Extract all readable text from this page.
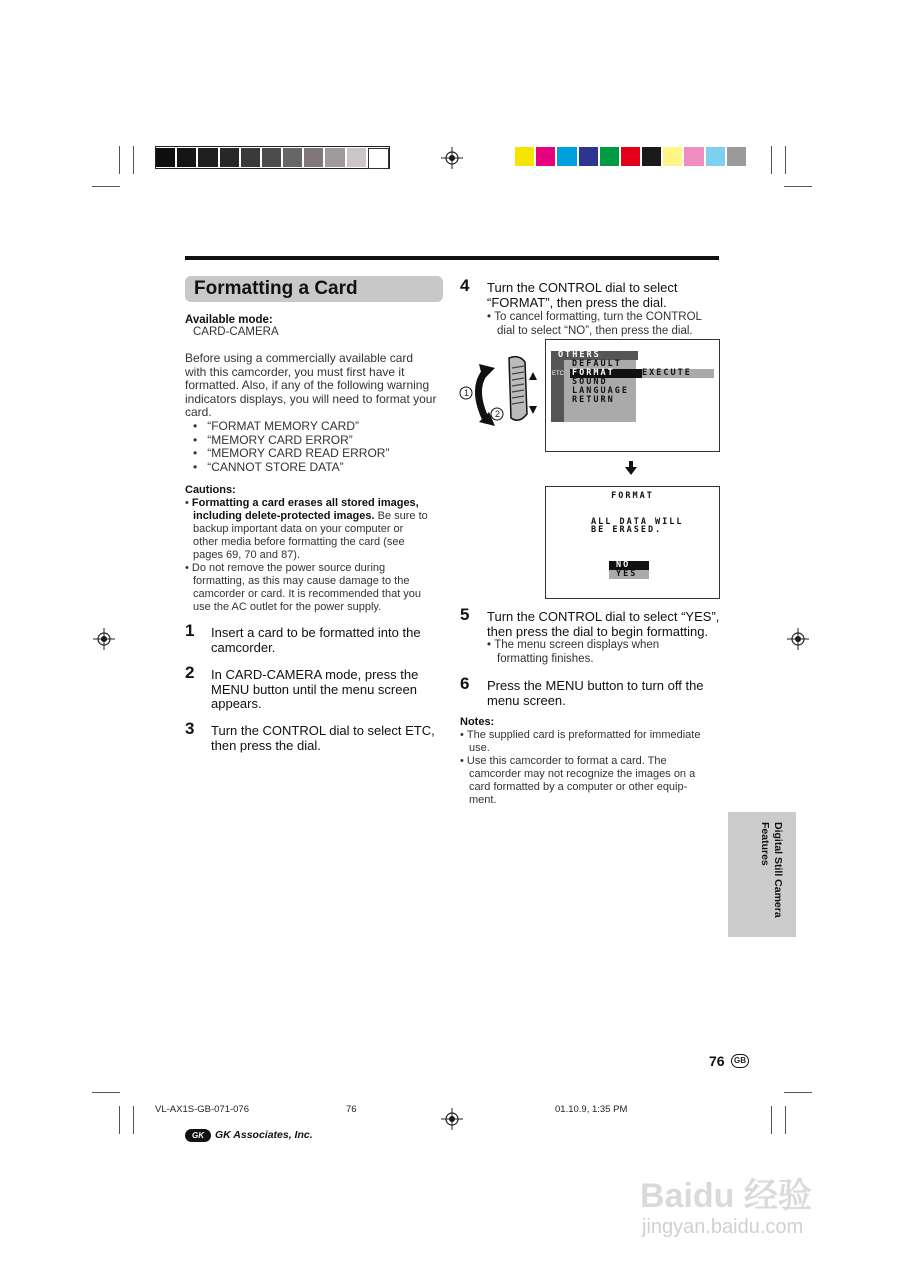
Formatting a Card
Available mode:
CARD-CAMERA
Before using a commercially available card
with this camcorder, you must first have it
formatted. Also, if any of the following warning
indicators displays, you will need to format your
card.
•   “FORMAT MEMORY CARD”
•   “MEMORY CARD ERROR”
•   “MEMORY CARD READ ERROR”
•   “CANNOT STORE DATA”
Cautions:
• Formatting a card erases all stored images,
including delete-protected images. Be sure to
backup important data on your computer or
other media before formatting the card (see
pages 69, 70 and 87).
• Do not remove the power source during
formatting, as this may cause damage to the
camcorder or card. It is recommended that you
use the AC outlet for the power supply.
1 Insert a card to be formatted into the
camcorder.
2 In CARD-CAMERA mode, press the
MENU button until the menu screen
appears.
3 Turn the CONTROL dial to select ETC,
then press the dial.
4 Turn the CONTROL dial to select
“FORMAT”, then press the dial.
• To cancel formatting, turn the CONTROL
dial to select “NO”, then press the dial.
1
2
OTHERS
ETC
DEFAULT
FORMAT	EXECUTE
SOUND
LANGUAGE
RETURN
FORMAT
ALL DATA WILL
BE ERASED.
NO
YES
5 Turn the CONTROL dial to select “YES”,
then press the dial to begin formatting.
• The menu screen displays when
formatting finishes.
6 Press the MENU button to turn off the
menu screen.
Notes:
• The supplied card is preformatted for immediate
use.
• Use this camcorder to format a card. The
camcorder may not recognize the images on a
card formatted by a computer or other equip-
ment.
Digital Still Camera
Features
76	GB
VL-AX1S-GB-071-076	76	01.10.9, 1:35 PM
GK	GK Associates, Inc.
Baidu 经验
jingyan.baidu.com
